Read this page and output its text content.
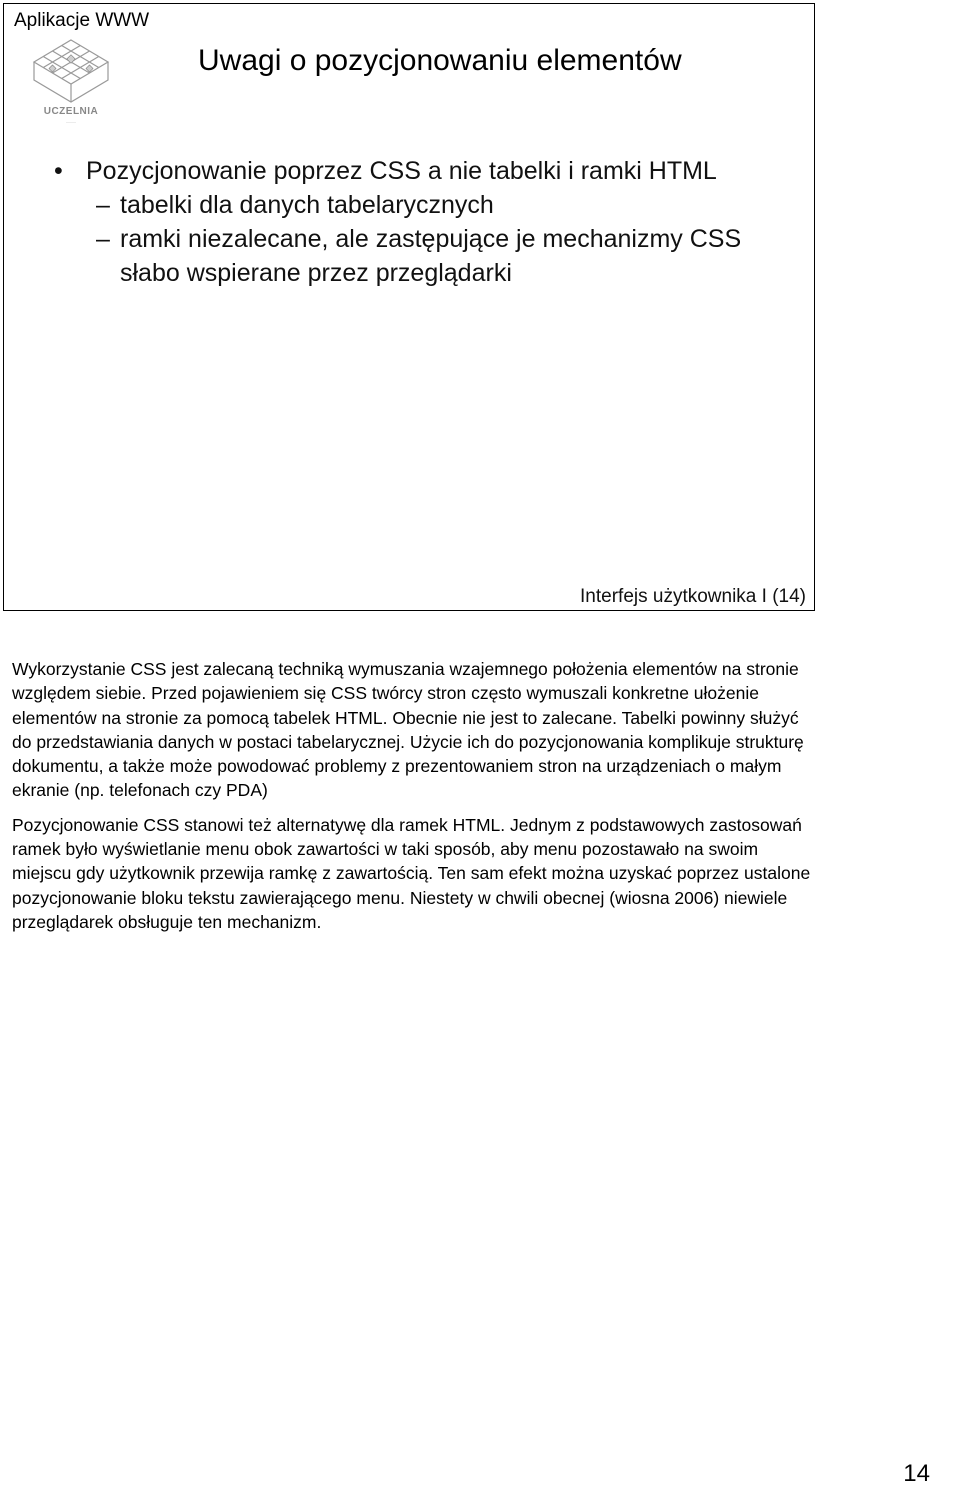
Aplikacje WWW
UCZELNIA
·····
Uwagi o pozycjonowaniu elementów
• Pozycjonowanie poprzez CSS a nie tabelki i ramki HTML
– tabelki dla danych tabelarycznych
– ramki niezalecane, ale zastępujące je mechanizmy CSS słabo wspierane przez przeglądarki
Interfejs użytkownika I (14)

Wykorzystanie CSS jest zalecaną techniką wymuszania wzajemnego położenia elementów na stronie względem siebie. Przed pojawieniem się CSS twórcy stron często wymuszali konkretne ułożenie elementów na stronie za pomocą tabelek HTML. Obecnie nie jest to zalecane. Tabelki powinny służyć do przedstawiania danych w postaci tabelarycznej. Użycie ich do pozycjonowania komplikuje strukturę dokumentu, a także może powodować problemy z prezentowaniem stron na urządzeniach o małym ekranie (np. telefonach czy PDA)

Pozycjonowanie CSS stanowi też alternatywę dla ramek HTML. Jednym z podstawowych zastosowań ramek było wyświetlanie menu obok zawartości w taki sposób, aby menu pozostawało na swoim miejscu gdy użytkownik przewija ramkę z zawartością. Ten sam efekt można uzyskać poprzez ustalone pozycjonowanie bloku tekstu zawierającego menu. Niestety w chwili obecnej (wiosna 2006) niewiele przeglądarek obsługuje ten mechanizm.

14
